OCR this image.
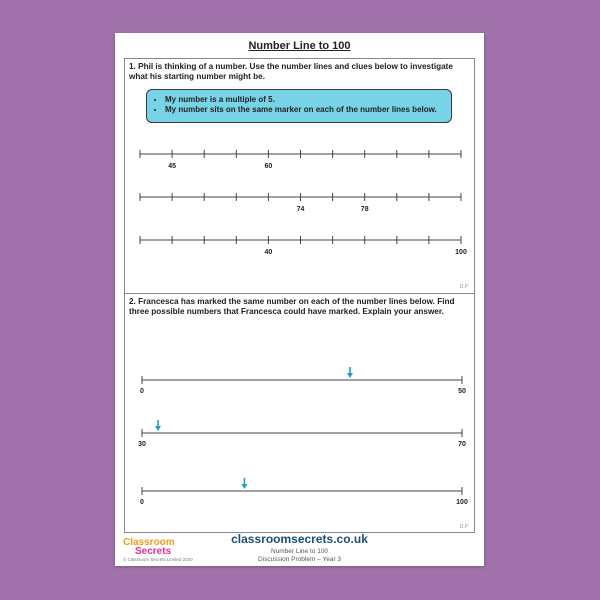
Number Line to 100
1. Phil is thinking of a number. Use the number lines and clues below to investigate what his starting number might be.
• My number is a multiple of 5.
• My number sits on the same marker on each of the number lines below.
45	60
74	78
40	100
D.P
2. Francesca has marked the same number on each of the number lines below. Find three possible numbers that Francesca could have marked. Explain your answer.
0	50
30	70
0	100
D.P
Classroom
Secrets
© Classroom Secrets Limited 2020
classroomsecrets.co.uk
Number Line to 100
Discussion Problem – Year 3
